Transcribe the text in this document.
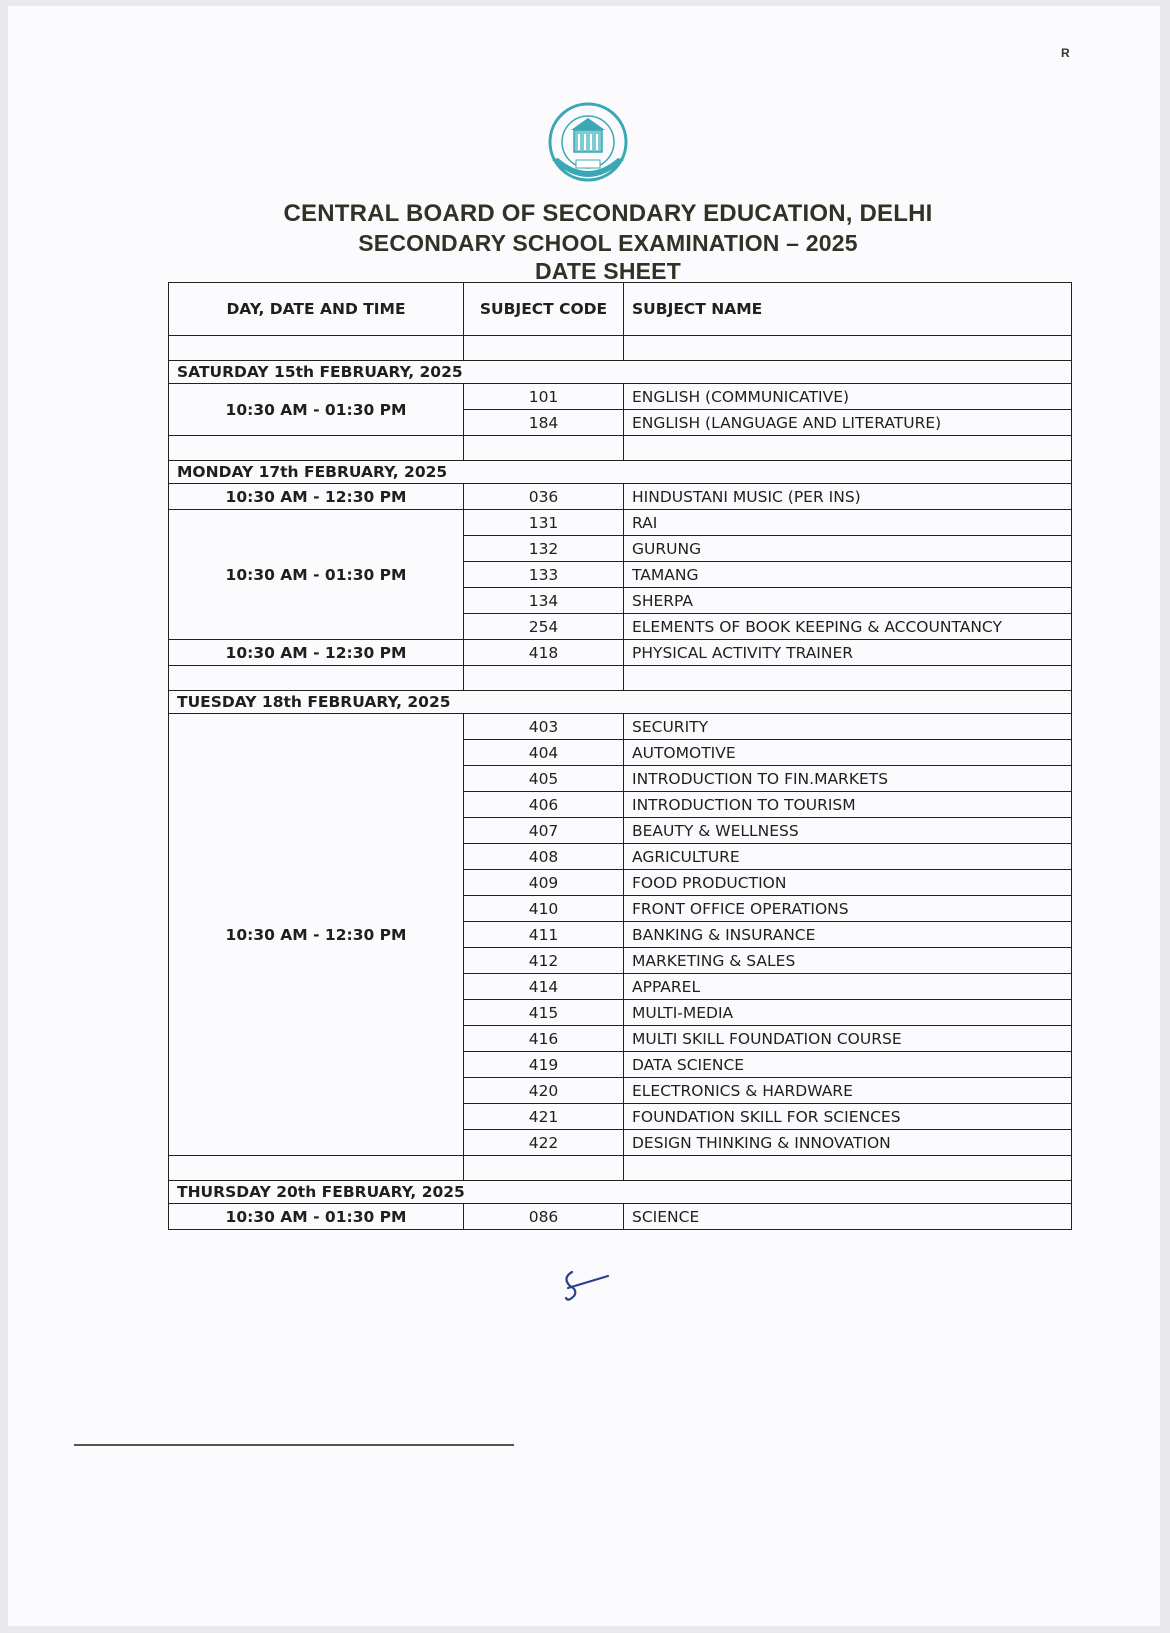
R
CENTRAL BOARD OF SECONDARY EDUCATION, DELHI
SECONDARY SCHOOL EXAMINATION – 2025
DATE SHEET
DAY, DATE AND TIME	SUBJECT CODE	SUBJECT NAME

SATURDAY 15th FEBRUARY, 2025		
10:30 AM - 01:30 PM	101	ENGLISH (COMMUNICATIVE)
	184	ENGLISH (LANGUAGE AND LITERATURE)

MONDAY 17th FEBRUARY, 2025		
10:30 AM - 12:30 PM	036	HINDUSTANI MUSIC (PER INS)
10:30 AM - 01:30 PM	131	RAI
	132	GURUNG
	133	TAMANG
	134	SHERPA
	254	ELEMENTS OF BOOK KEEPING & ACCOUNTANCY
10:30 AM - 12:30 PM	418	PHYSICAL ACTIVITY TRAINER

TUESDAY 18th FEBRUARY, 2025		
10:30 AM - 12:30 PM	403	SECURITY
	404	AUTOMOTIVE
	405	INTRODUCTION TO FIN.MARKETS
	406	INTRODUCTION TO TOURISM
	407	BEAUTY & WELLNESS
	408	AGRICULTURE
	409	FOOD PRODUCTION
	410	FRONT OFFICE OPERATIONS
	411	BANKING & INSURANCE
	412	MARKETING & SALES
	414	APPAREL
	415	MULTI-MEDIA
	416	MULTI SKILL FOUNDATION COURSE
	419	DATA SCIENCE
	420	ELECTRONICS & HARDWARE
	421	FOUNDATION SKILL FOR SCIENCES
	422	DESIGN THINKING & INNOVATION

THURSDAY 20th FEBRUARY, 2025		
10:30 AM - 01:30 PM	086	SCIENCE
